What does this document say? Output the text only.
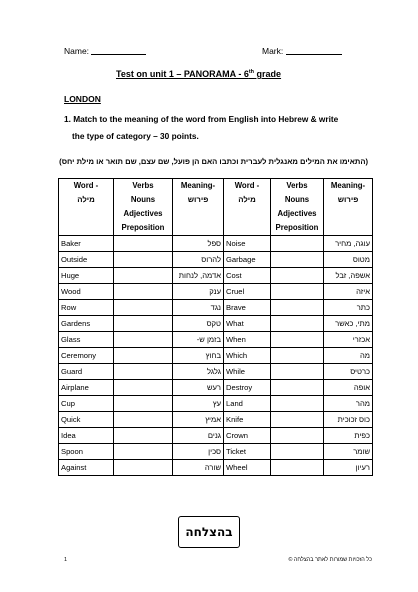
Name:	Mark:
Test on unit 1 – PANORAMA - 6th grade
LONDON
1. Match to the meaning of the word from English into Hebrew & write
the type of category – 30 points.
(התאימו את המילים מאנגלית לעברית וכתבו האם הן פועל, שם עצם, שם תואר או מילת יחס)
Word -
מילה	Verbs
Nouns
Adjectives
Preposition	Meaning-
פירוש	Word -
מילה	Verbs
Nouns
Adjectives
Preposition	Meaning-
פירוש
Baker		ספל	Noise		עוגה, מחיר
Outside		להרוס	Garbage		מטוס
Huge		אדמה, לנחות	Cost		אשפה, זבל
Wood		ענק	Cruel		איזה
Row		נגד	Brave		כתר
Gardens		טקס	What		מתי, כאשר
Glass		בזמן ש-	When		אכזרי
Ceremony		בחוץ	Which		מה
Guard		גלגל	While		כרטיס
Airplane		רעש	Destroy		אופה
Cup		עץ	Land		מהר
Quick		אמיץ	Knife		כוס זכוכית
Idea		גנים	Crown		כפית
Spoon		סכין	Ticket		שומר
Against		שורה	Wheel		רעיון
בהצלחה
1	כל הזכויות שמורות לאתר בהצלחה ©
